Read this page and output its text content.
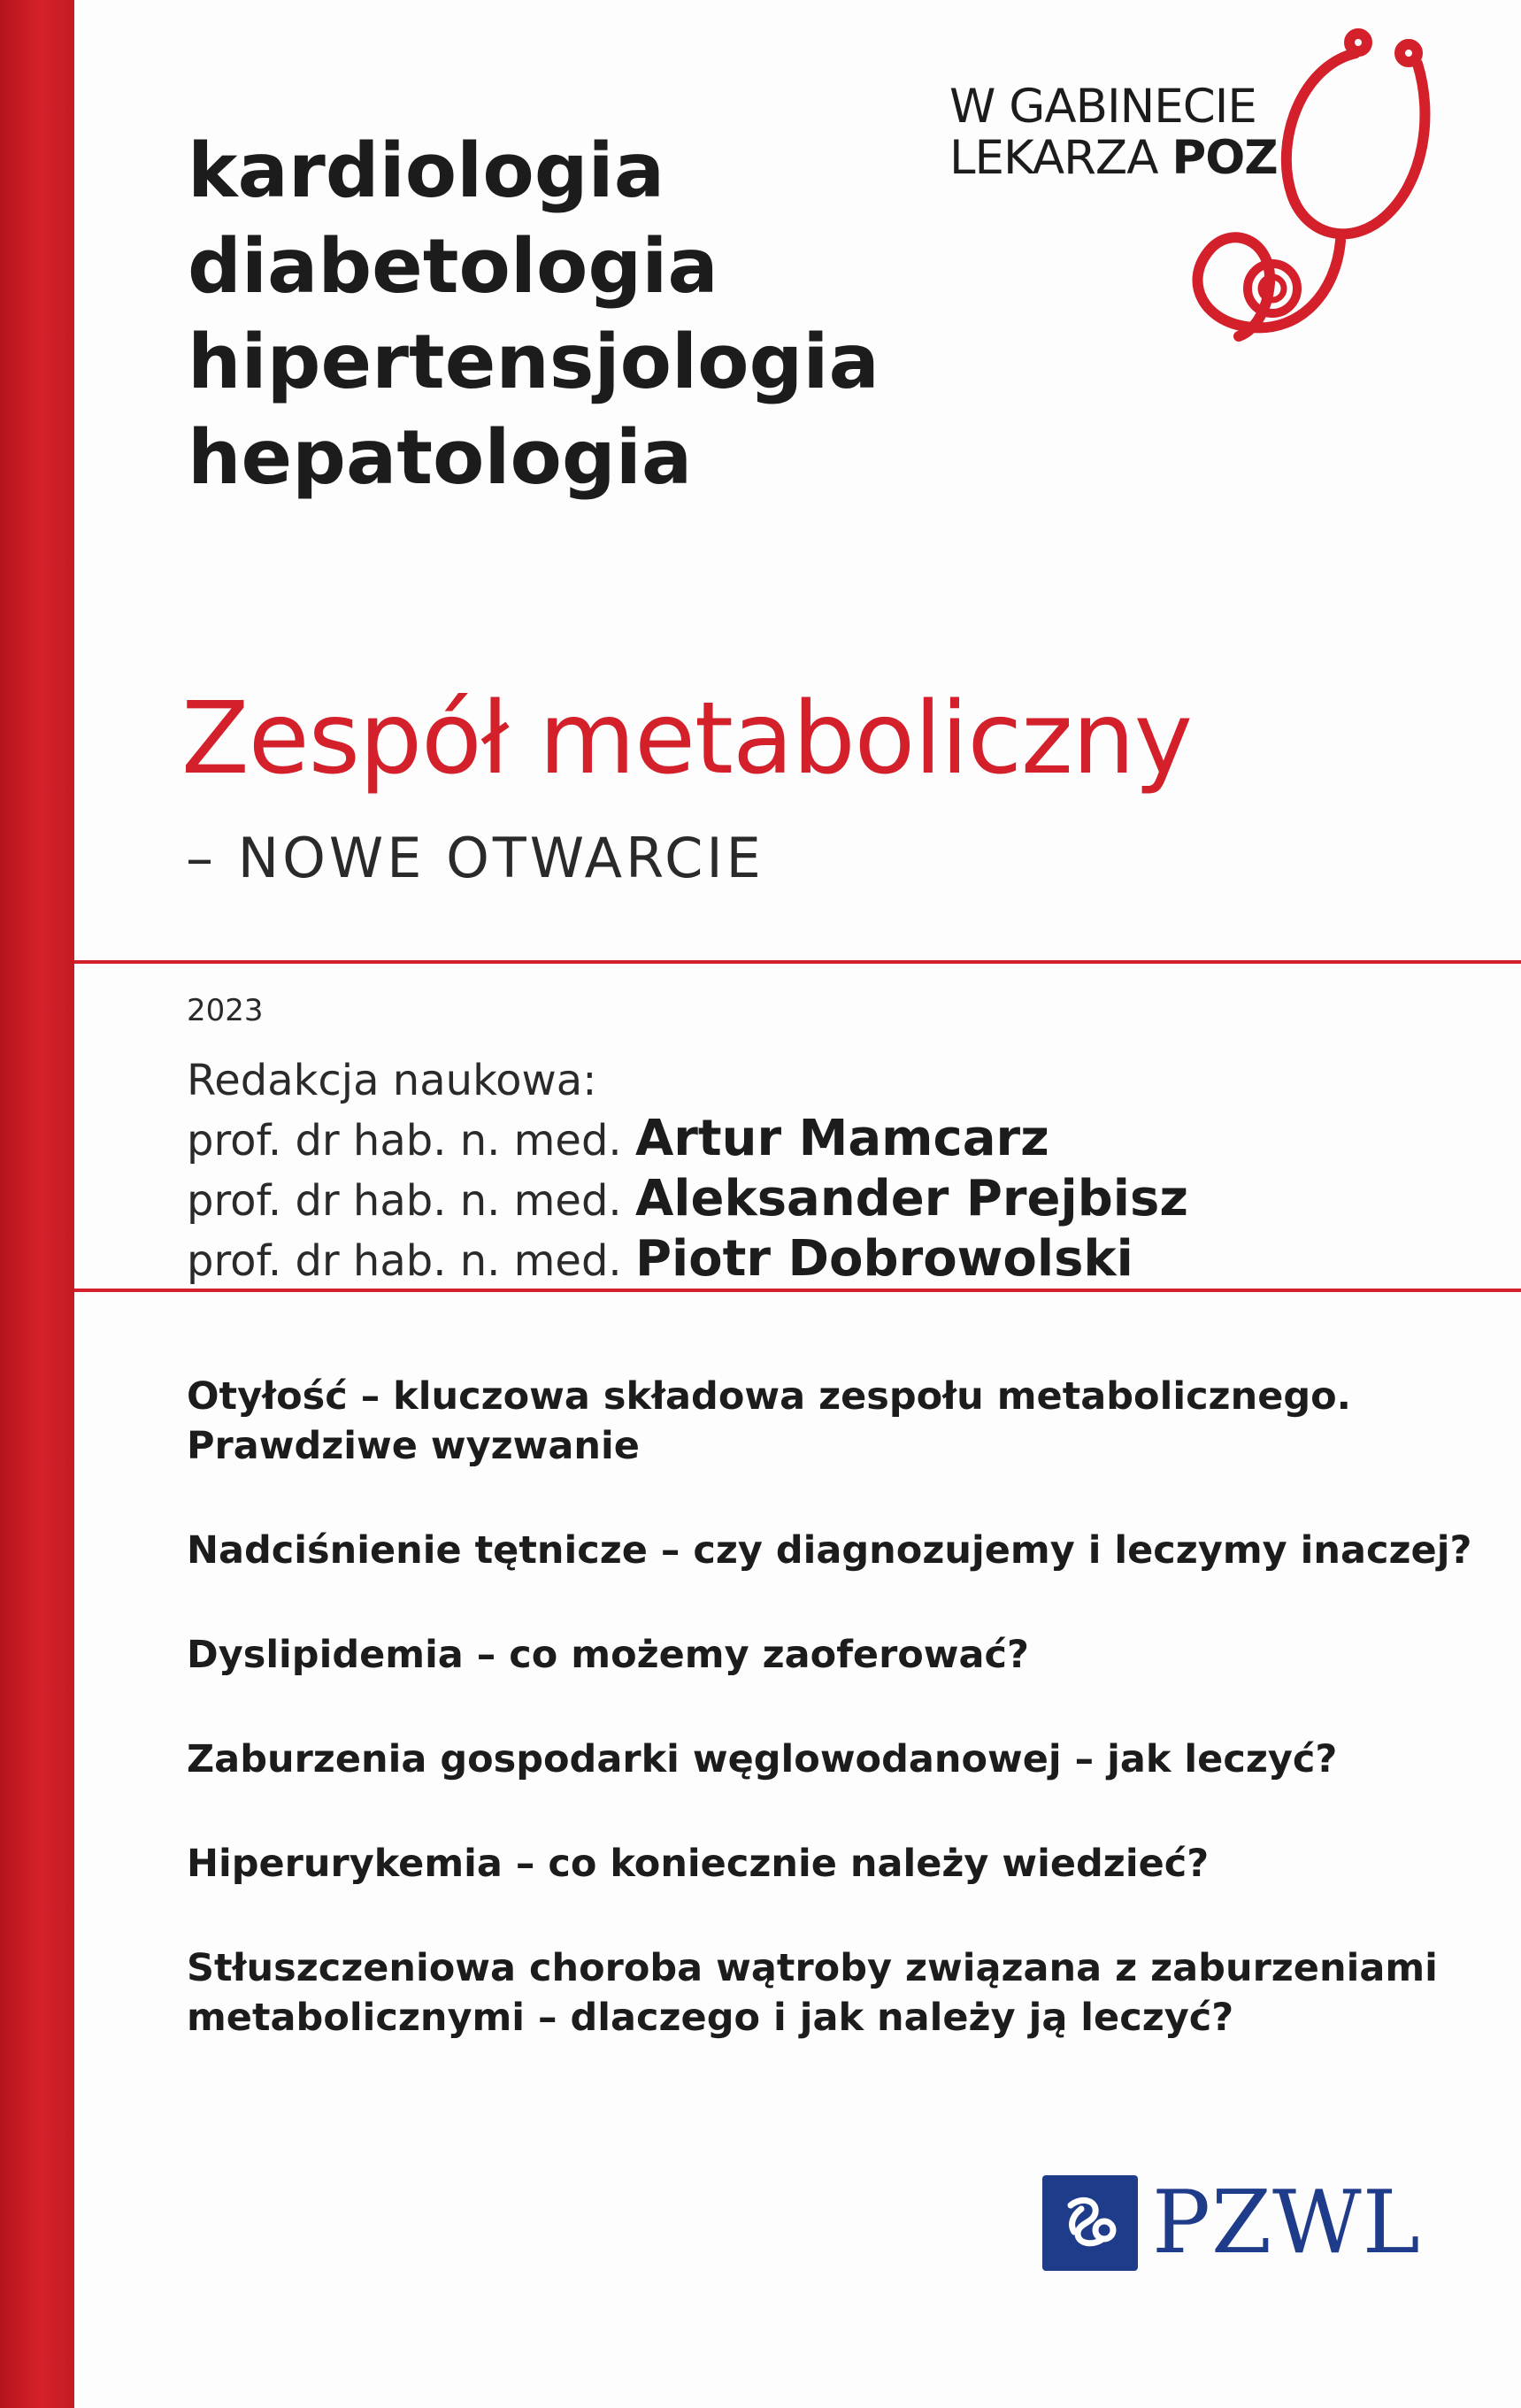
kardiologia
diabetologia
hipertensjologia
hepatologia
W GABINECIE
LEKARZA POZ
Zespół metaboliczny
– NOWE OTWARCIE
2023
Redakcja naukowa:
prof. dr hab. n. med. Artur Mamcarz
prof. dr hab. n. med. Aleksander Prejbisz
prof. dr hab. n. med. Piotr Dobrowolski
Otyłość – kluczowa składowa zespołu metabolicznego.
Prawdziwe wyzwanie
Nadciśnienie tętnicze – czy diagnozujemy i leczymy inaczej?
Dyslipidemia – co możemy zaoferować?
Zaburzenia gospodarki węglowodanowej – jak leczyć?
Hiperurykemia – co koniecznie należy wiedzieć?
Stłuszczeniowa choroba wątroby związana z zaburzeniami
metabolicznymi – dlaczego i jak należy ją leczyć?
PZWL
